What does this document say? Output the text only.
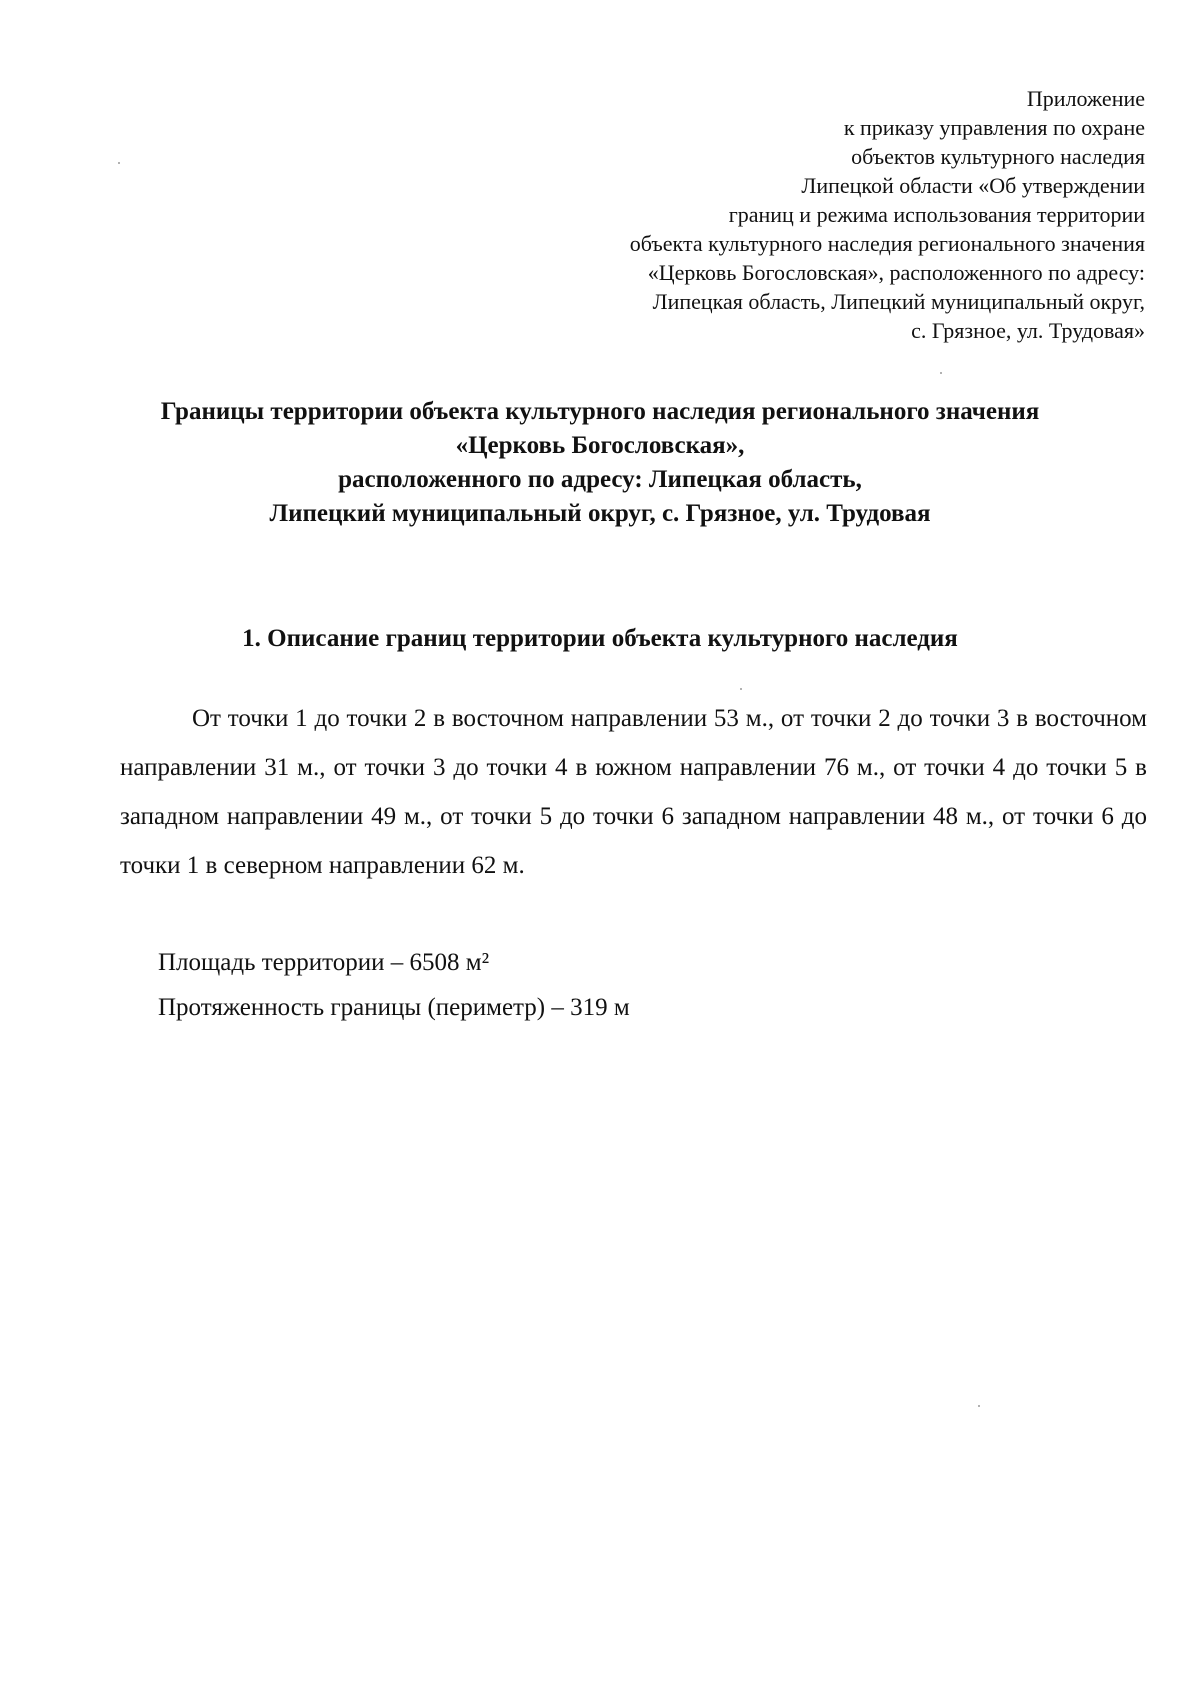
Приложение
к приказу управления по охране
объектов культурного наследия
Липецкой области «Об утверждении
границ и режима использования территории
объекта культурного наследия регионального значения
«Церковь Богословская», расположенного по адресу:
Липецкая область, Липецкий муниципальный округ,
с. Грязное, ул. Трудовая»
Границы территории объекта культурного наследия регионального значения
«Церковь Богословская»,
расположенного по адресу: Липецкая область,
Липецкий муниципальный округ, с. Грязное, ул. Трудовая
1. Описание границ территории объекта культурного наследия

От точки 1 до точки 2 в восточном направлении 53 м., от точки 2 до точки 3 в восточном направлении 31 м., от точки 3 до точки 4 в южном направлении 76 м., от точки 4 до точки 5 в западном направлении 49 м., от точки 5 до точки 6 западном направлении 48 м., от точки 6 до точки 1 в северном направлении 62 м.

Площадь территории – 6508 м²
Протяженность границы (периметр) – 319 м
